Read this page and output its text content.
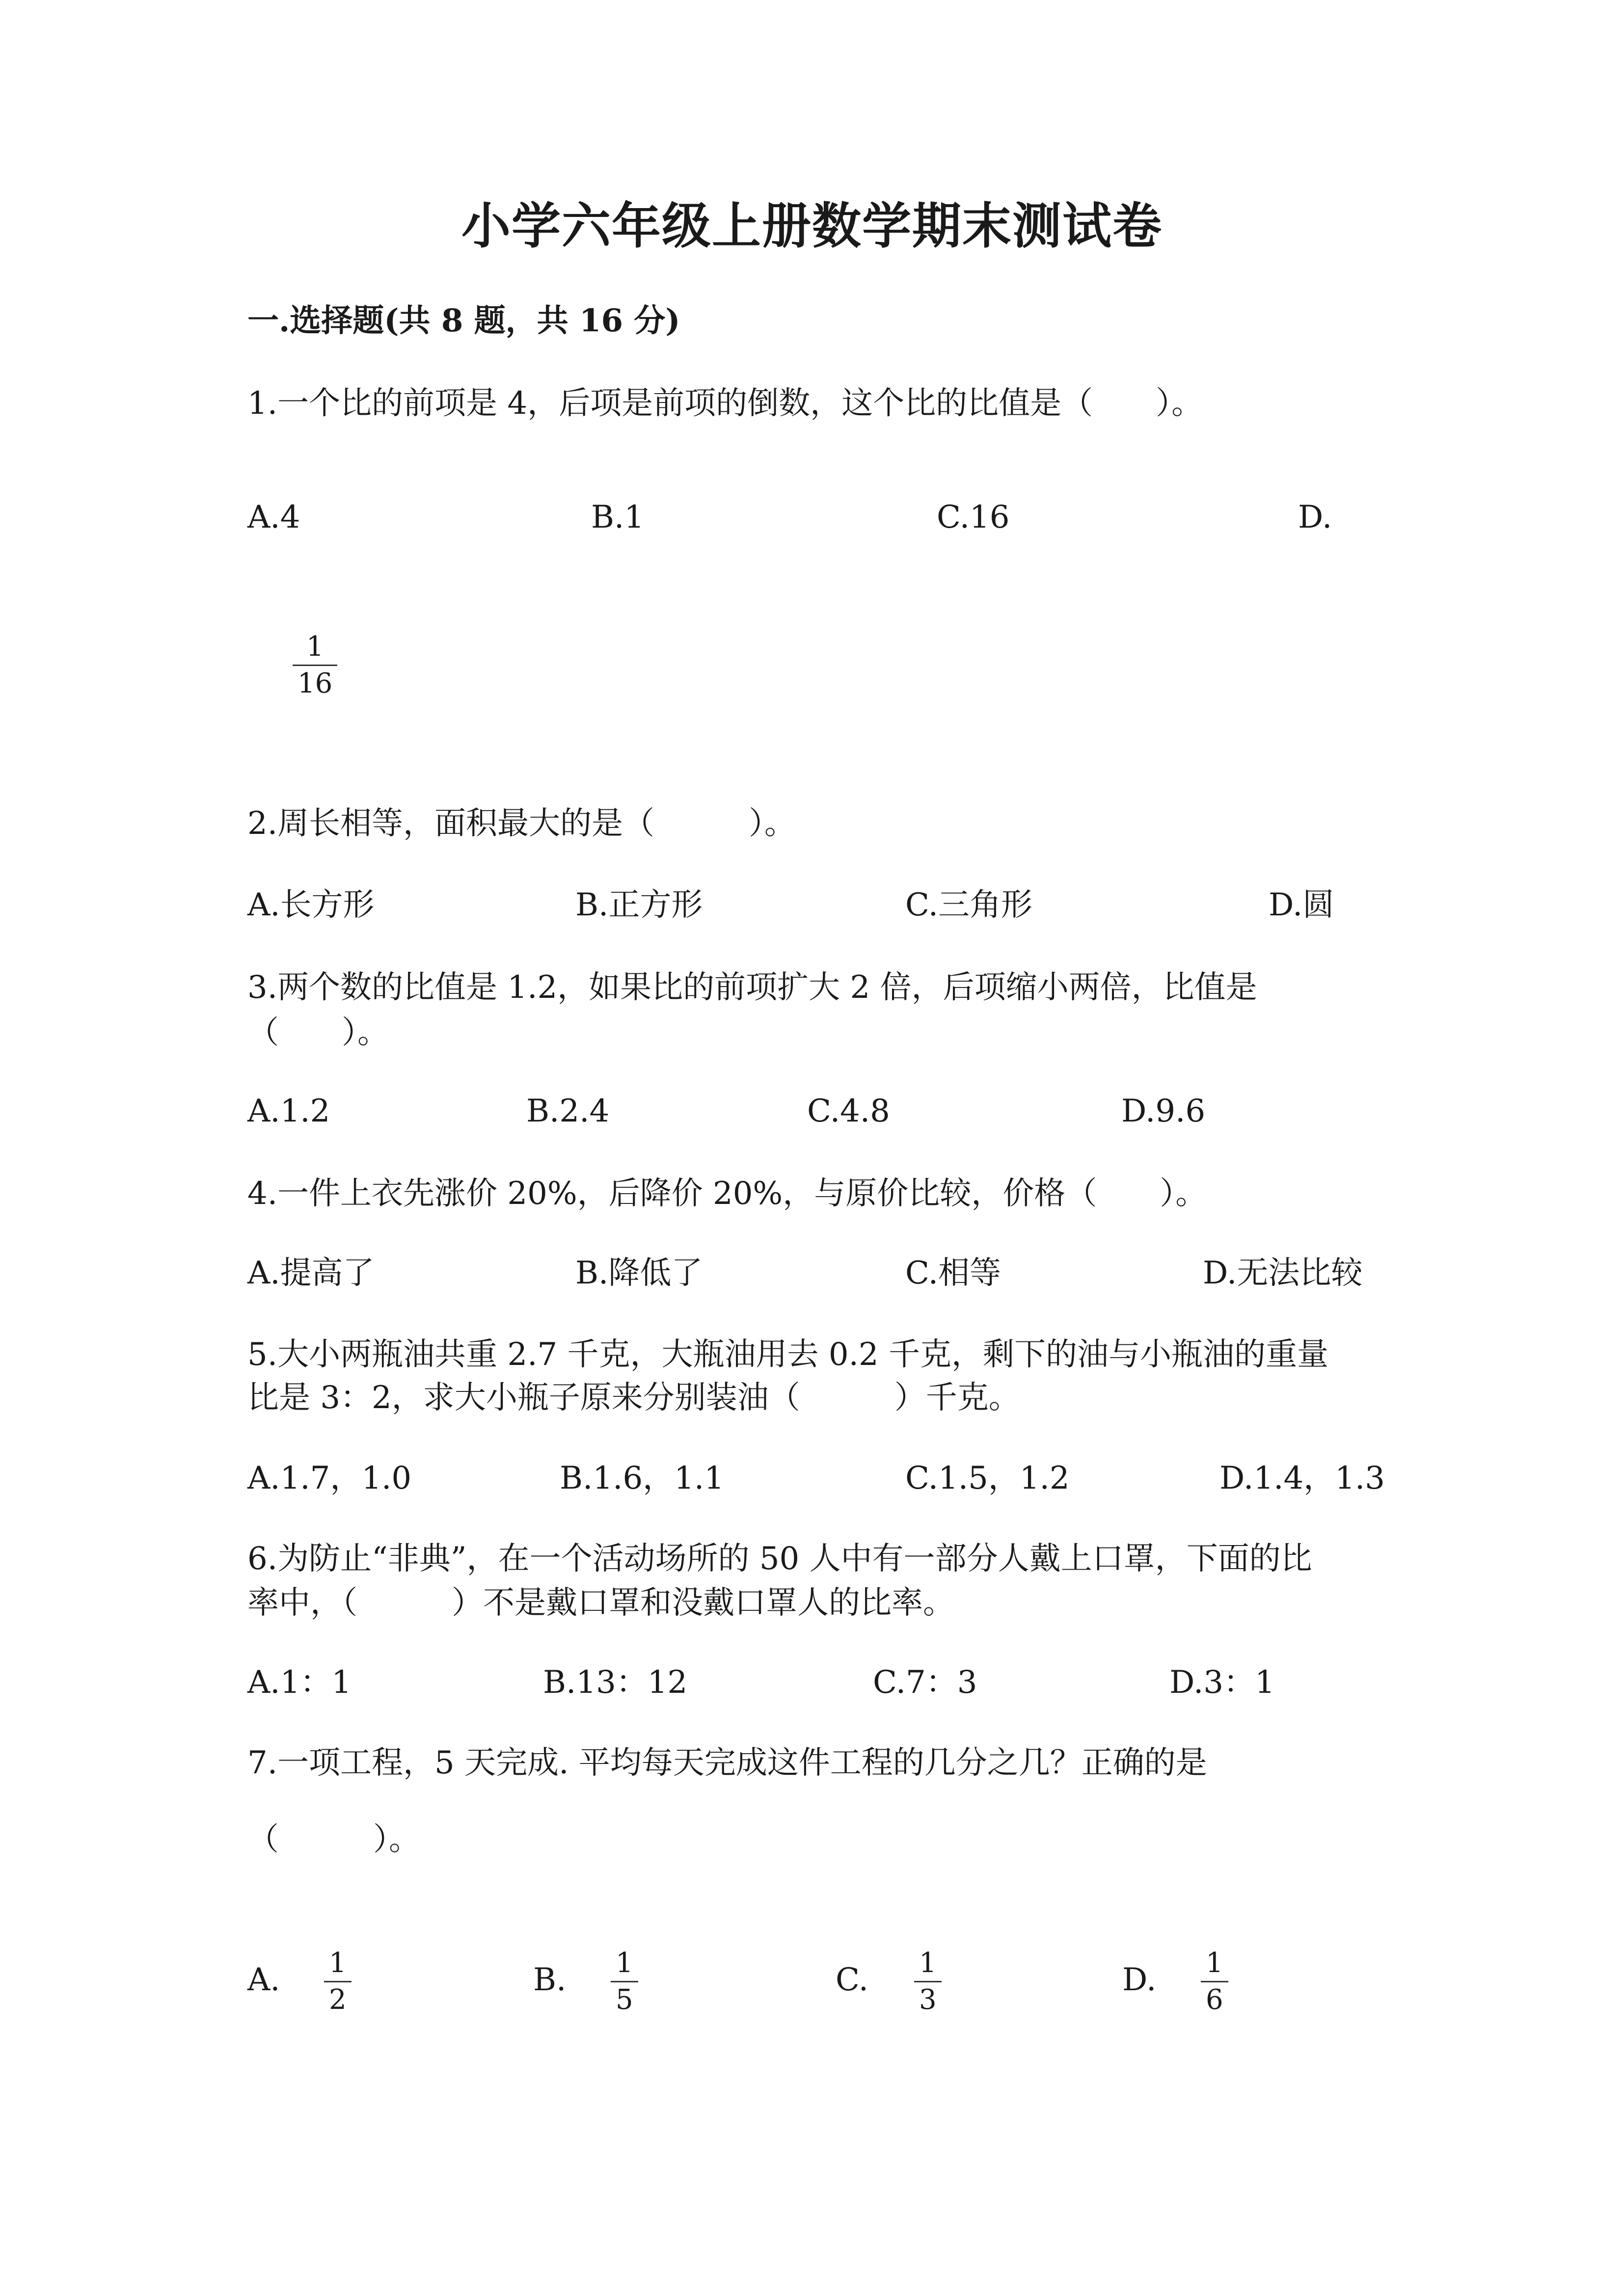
小学六年级上册数学期末测试卷
一.选择题(共 8 题，共 16 分)
1.一个比的前项是 4，后项是前项的倒数，这个比的比值是（　　）。
A.4	B.1	C.16	D.
1
16
2.周长相等，面积最大的是（　　　）。
A.长方形	B.正方形	C.三角形	D.圆
3.两个数的比值是 1.2，如果比的前项扩大 2 倍，后项缩小两倍，比值是
（　　）。
A.1.2	B.2.4	C.4.8	D.9.6
4.一件上衣先涨价 20%，后降价 20%，与原价比较，价格（　　）。
A.提高了	B.降低了	C.相等	D.无法比较
5.大小两瓶油共重 2.7 千克，大瓶油用去 0.2 千克，剩下的油与小瓶油的重量
比是 3：2，求大小瓶子原来分别装油（　　　）千克。
A.1.7，1.0	B.1.6，1.1	C.1.5，1.2	D.1.4，1.3
6.为防止“非典”，在一个活动场所的 50 人中有一部分人戴上口罩，下面的比
率中，（　　　）不是戴口罩和没戴口罩人的比率。
A.1：1	B.13：12	C.7：3	D.3：1
7.一项工程，5 天完成. 平均每天完成这件工程的几分之几？正确的是
（　　　）。
A. 1
2
B. 1
5
C. 1
3
D. 1
6
